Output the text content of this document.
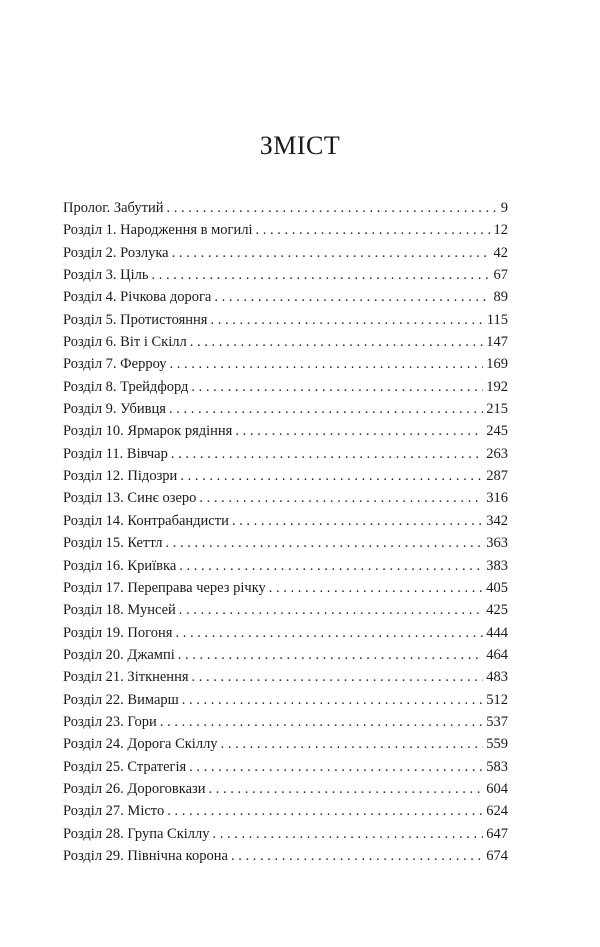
ЗМІСТ
Пролог. Забутий . . .	9
Розділ 1. Народження в могилі . . .	12
Розділ 2. Розлука . . .	42
Розділ 3. Ціль . . .	67
Розділ 4. Річкова дорога . . .	89
Розділ 5. Протистояння . . .	115
Розділ 6. Віт і Скілл . . .	147
Розділ 7. Ферроу . . .	169
Розділ 8. Трейдфорд . . .	192
Розділ 9. Убивця . . .	215
Розділ 10. Ярмарок рядіння . . .	245
Розділ 11. Вівчар . . .	263
Розділ 12. Підозри . . .	287
Розділ 13. Синє озеро . . .	316
Розділ 14. Контрабандисти . . .	342
Розділ 15. Кеттл . . .	363
Розділ 16. Криївка . . .	383
Розділ 17. Переправа через річку . . .	405
Розділ 18. Мунсей . . .	425
Розділ 19. Погоня . . .	444
Розділ 20. Джампі . . .	464
Розділ 21. Зіткнення . . .	483
Розділ 22. Вимарш . . .	512
Розділ 23. Гори . . .	537
Розділ 24. Дорога Скіллу . . .	559
Розділ 25. Стратегія . . .	583
Розділ 26. Дороговкази . . .	604
Розділ 27. Місто . . .	624
Розділ 28. Група Скіллу . . .	647
Розділ 29. Північна корона . . .	674
